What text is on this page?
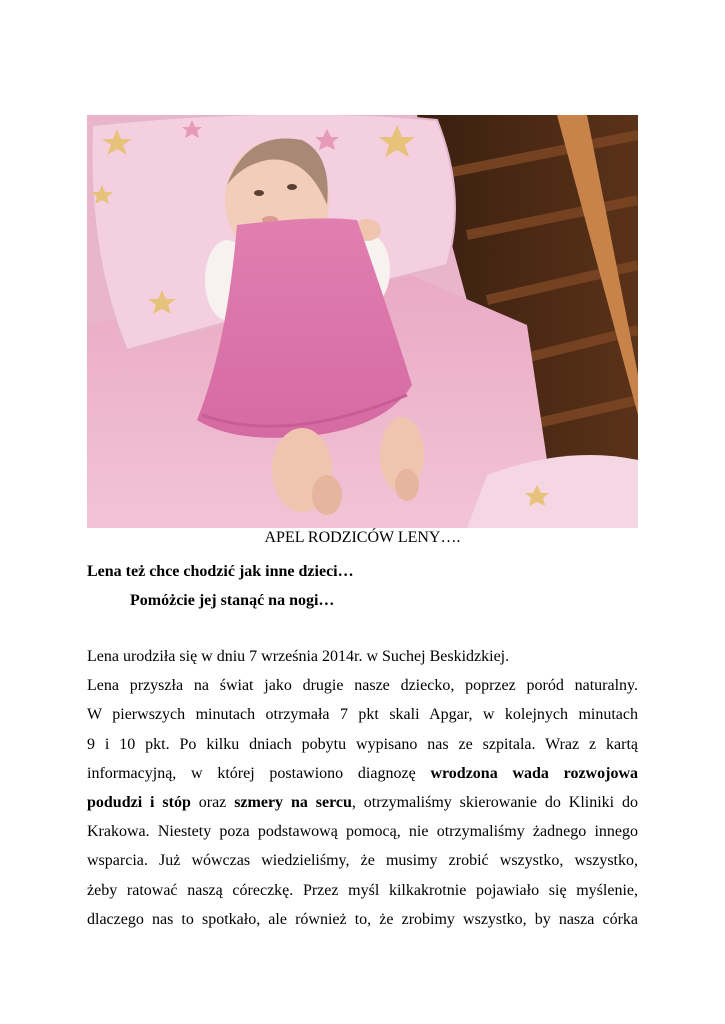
APEL RODZICÓW LENY….
Lena też chce chodzić jak inne dzieci…
Pomóżcie jej stanąć na nogi…
Lena urodziła się w dniu 7 września 2014r. w Suchej Beskidzkiej.
Lena przyszła na świat jako drugie nasze dziecko, poprzez poród naturalny.
W pierwszych minutach otrzymała 7 pkt skali Apgar, w kolejnych minutach
9 i 10 pkt. Po kilku dniach pobytu wypisano nas ze szpitala. Wraz z kartą
informacyjną, w której postawiono diagnozę wrodzona wada rozwojowa
podudzi i stóp oraz szmery na sercu, otrzymaliśmy skierowanie do Kliniki do
Krakowa. Niestety poza podstawową pomocą, nie otrzymaliśmy żadnego innego
wsparcia. Już wówczas wiedzieliśmy, że musimy zrobić wszystko, wszystko,
żeby ratować naszą córeczkę. Przez myśl kilkakrotnie pojawiało się myślenie,
dlaczego nas to spotkało, ale również to, że zrobimy wszystko, by nasza córka
